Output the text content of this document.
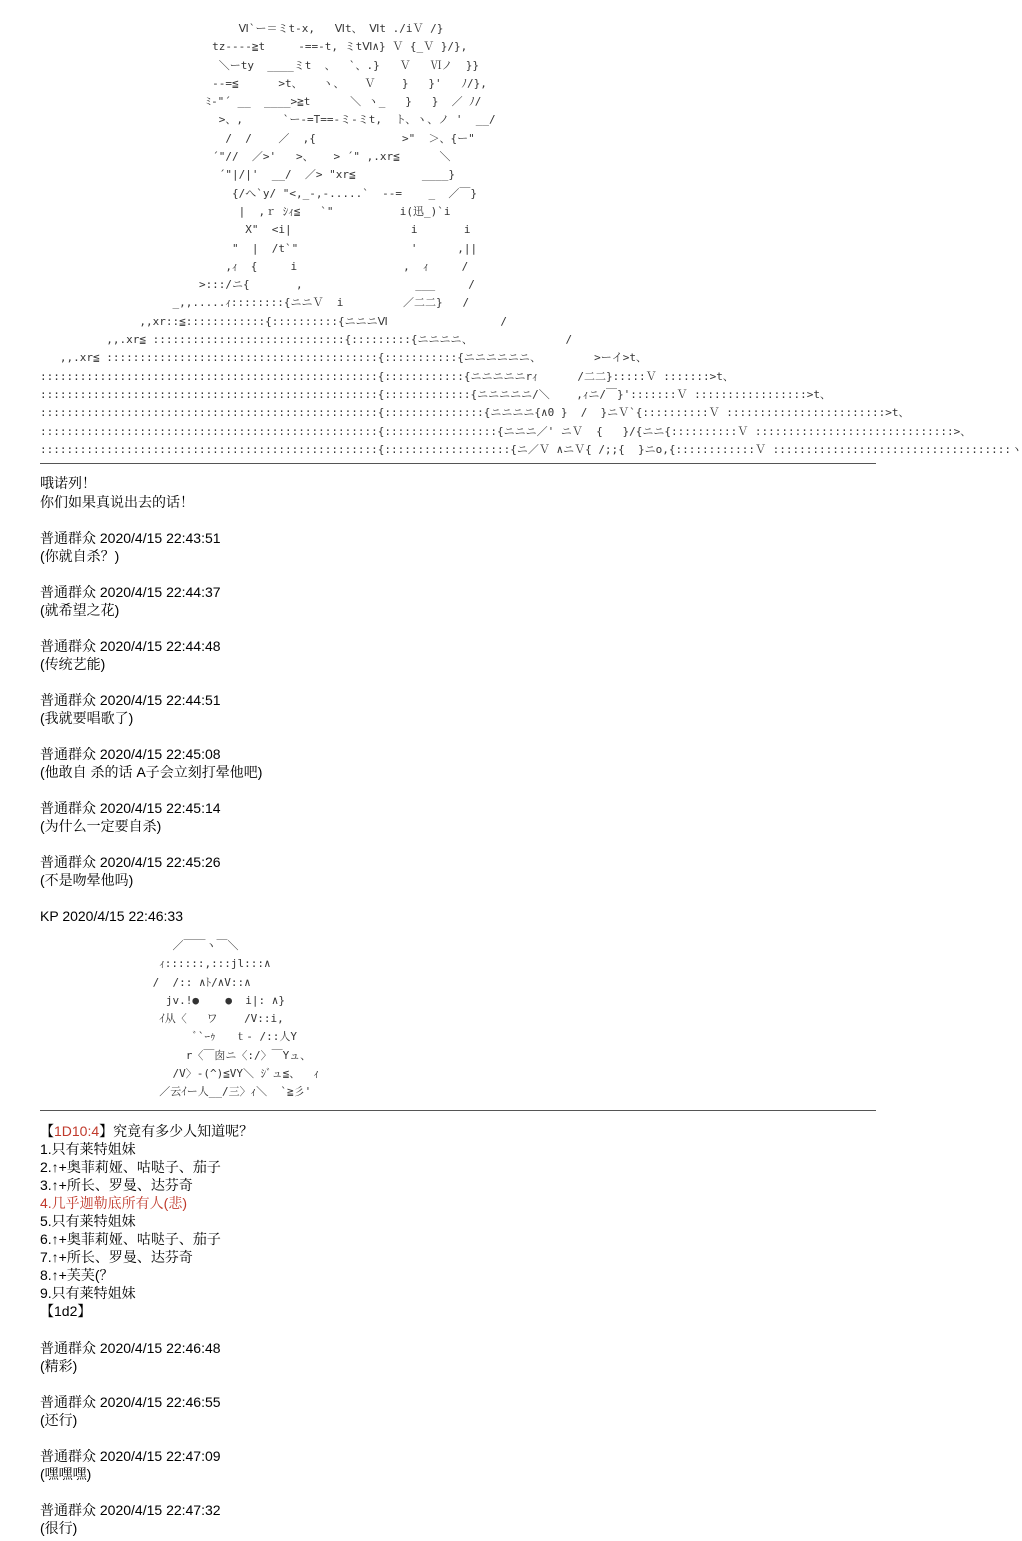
Ⅵ`ー＝ミt-x,   Ⅵt、 Ⅵt ./iＶ /}
tz----≧t     -==-t, ミtⅥ∧} Ｖ {_Ｖ }/},
＼ーty  ____ミt  、  `、.}   Ｖ   Ⅵノ  }}
--=≦      >t、   ヽ、   Ｖ    }   }'   ﾉ/},
ﾐ-"´ __  ____>≧t      ＼ ヽ_   }   }  ／ ﾉ/
>、,      `ー-=T==-ミ-ミt,  ト、ヽ、ノ '  __/
/  /    ／  ,{             >"  ＞、{ー"
´"//  ／>'   >、   > ´" ,.xr≦      ＼
´"|/|'  __/  ／> "xr≦          ____}
{/へ`y/ "<,_-,-.....`  --=    _  ／￣}
|  ,ｒ ｼｨ≦   `"          i(迅_)`i
X"  <i|                  i       i
"  |  /t`"                 '      ,||
,ｨ  {     i                ,  ｨ     /
>:::/ニ{       ,                 ___     /
_,,.....ｨ::::::::{ニニＶ  i         ／二二}   /
,,xr::≦::::::::::::{::::::::::{ニニニⅥ                 /
,,.xr≦ :::::::::::::::::::::::::::::{:::::::::{ニニニニ、              /
,,.xr≦ :::::::::::::::::::::::::::::::::::::::::{:::::::::::{ニニニニニニ、        >ーイ>t、
:::::::::::::::::::::::::::::::::::::::::::::::::::{::::::::::::{ニニニニニrｨ      /二二}:::::Ｖ :::::::>t、
:::::::::::::::::::::::::::::::::::::::::::::::::::{:::::::::::::{ニニニニニ/＼    ,ｨニ/￣}':::::::Ｖ :::::::::::::::::>t、
:::::::::::::::::::::::::::::::::::::::::::::::::::{:::::::::::::::{ニニニニ{∧0 }  /  }ニＶ`{::::::::::Ｖ ::::::::::::::::::::::::>t、
:::::::::::::::::::::::::::::::::::::::::::::::::::{:::::::::::::::::{ニニニ／' ニＶ  {   }/{ニニ{::::::::::Ｖ ::::::::::::::::::::::::::::::>、
:::::::::::::::::::::::::::::::::::::::::::::::::::{:::::::::::::::::::{ニ／Ｖ ∧ニＶ{ /;;{  }ニo,{::::::::::::Ｖ ::::::::::::::::::::::::::::::::::::ヽ
哦诺列！
你们如果真说出去的话！
普通群众 2020/4/15 22:43:51
(你就自杀？)
普通群众 2020/4/15 22:44:37
(就希望之花)
普通群众 2020/4/15 22:44:48
(传统艺能)
普通群众 2020/4/15 22:44:51
(我就要唱歌了)
普通群众 2020/4/15 22:45:08
(他敢自 杀的话 A子会立刻打晕他吧)
普通群众 2020/4/15 22:45:14
(为什么一定要自杀)
普通群众 2020/4/15 22:45:26
(不是吻晕他吗)
KP 2020/4/15 22:46:33
／￣￣ヽ￣＼
ｨ::::::,:::jl:::∧
/  /:: ∧ﾄ/∧V::∧
jv.!●    ●  i|: ∧}
ｲ从〈   ワ    /V::i,
ﾞ`ｰｩ   ｔ- /::人Y
r〈￣囱ニ〈:/〉￣Yュ、
/V〉-(^)≦VY＼ ｼﾞュ≦、  ｨ
／云ｲー人__/三〉ｨ＼  `≧彡'
【1D10:4】究竟有多少人知道呢？
1.只有莱特姐妹
2.↑+奥菲莉娅、咕哒子、茄子
3.↑+所长、罗曼、达芬奇
4.几乎迦勒底所有人(悲)
5.只有莱特姐妹
6.↑+奥菲莉娅、咕哒子、茄子
7.↑+所长、罗曼、达芬奇
8.↑+芙芙(？
9.只有莱特姐妹
【1d2】
普通群众 2020/4/15 22:46:48
(精彩)
普通群众 2020/4/15 22:46:55
(还行)
普通群众 2020/4/15 22:47:09
(嘿嘿嘿)
普通群众 2020/4/15 22:47:32
(很行)
